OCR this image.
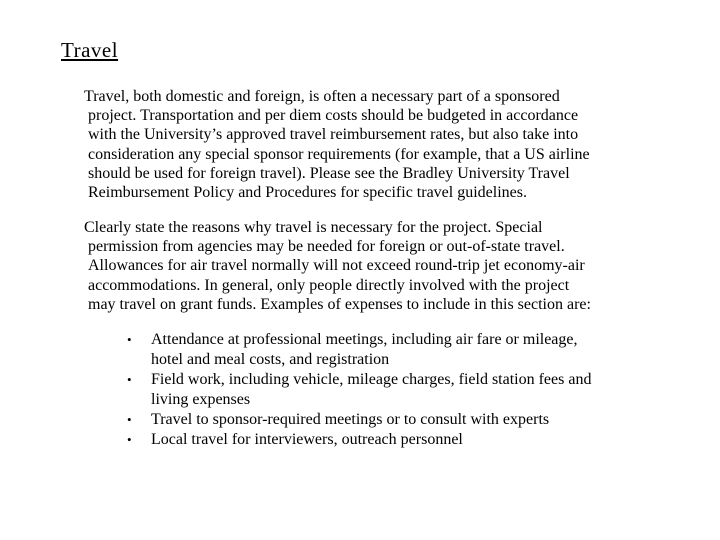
Travel

Travel, both domestic and foreign, is often a necessary part of a sponsored
project. Transportation and per diem costs should be budgeted in accordance
with the University’s approved travel reimbursement rates, but also take into
consideration any special sponsor requirements (for example, that a US airline
should be used for foreign travel). Please see the Bradley University Travel
Reimbursement Policy and Procedures for specific travel guidelines.

Clearly state the reasons why travel is necessary for the project. Special
permission from agencies may be needed for foreign or out-of-state travel.
Allowances for air travel normally will not exceed round-trip jet economy-air
accommodations. In general, only people directly involved with the project
may travel on grant funds. Examples of expenses to include in this section are:

• Attendance at professional meetings, including air fare or mileage,
hotel and meal costs, and registration
• Field work, including vehicle, mileage charges, field station fees and
living expenses
• Travel to sponsor-required meetings or to consult with experts
• Local travel for interviewers, outreach personnel
